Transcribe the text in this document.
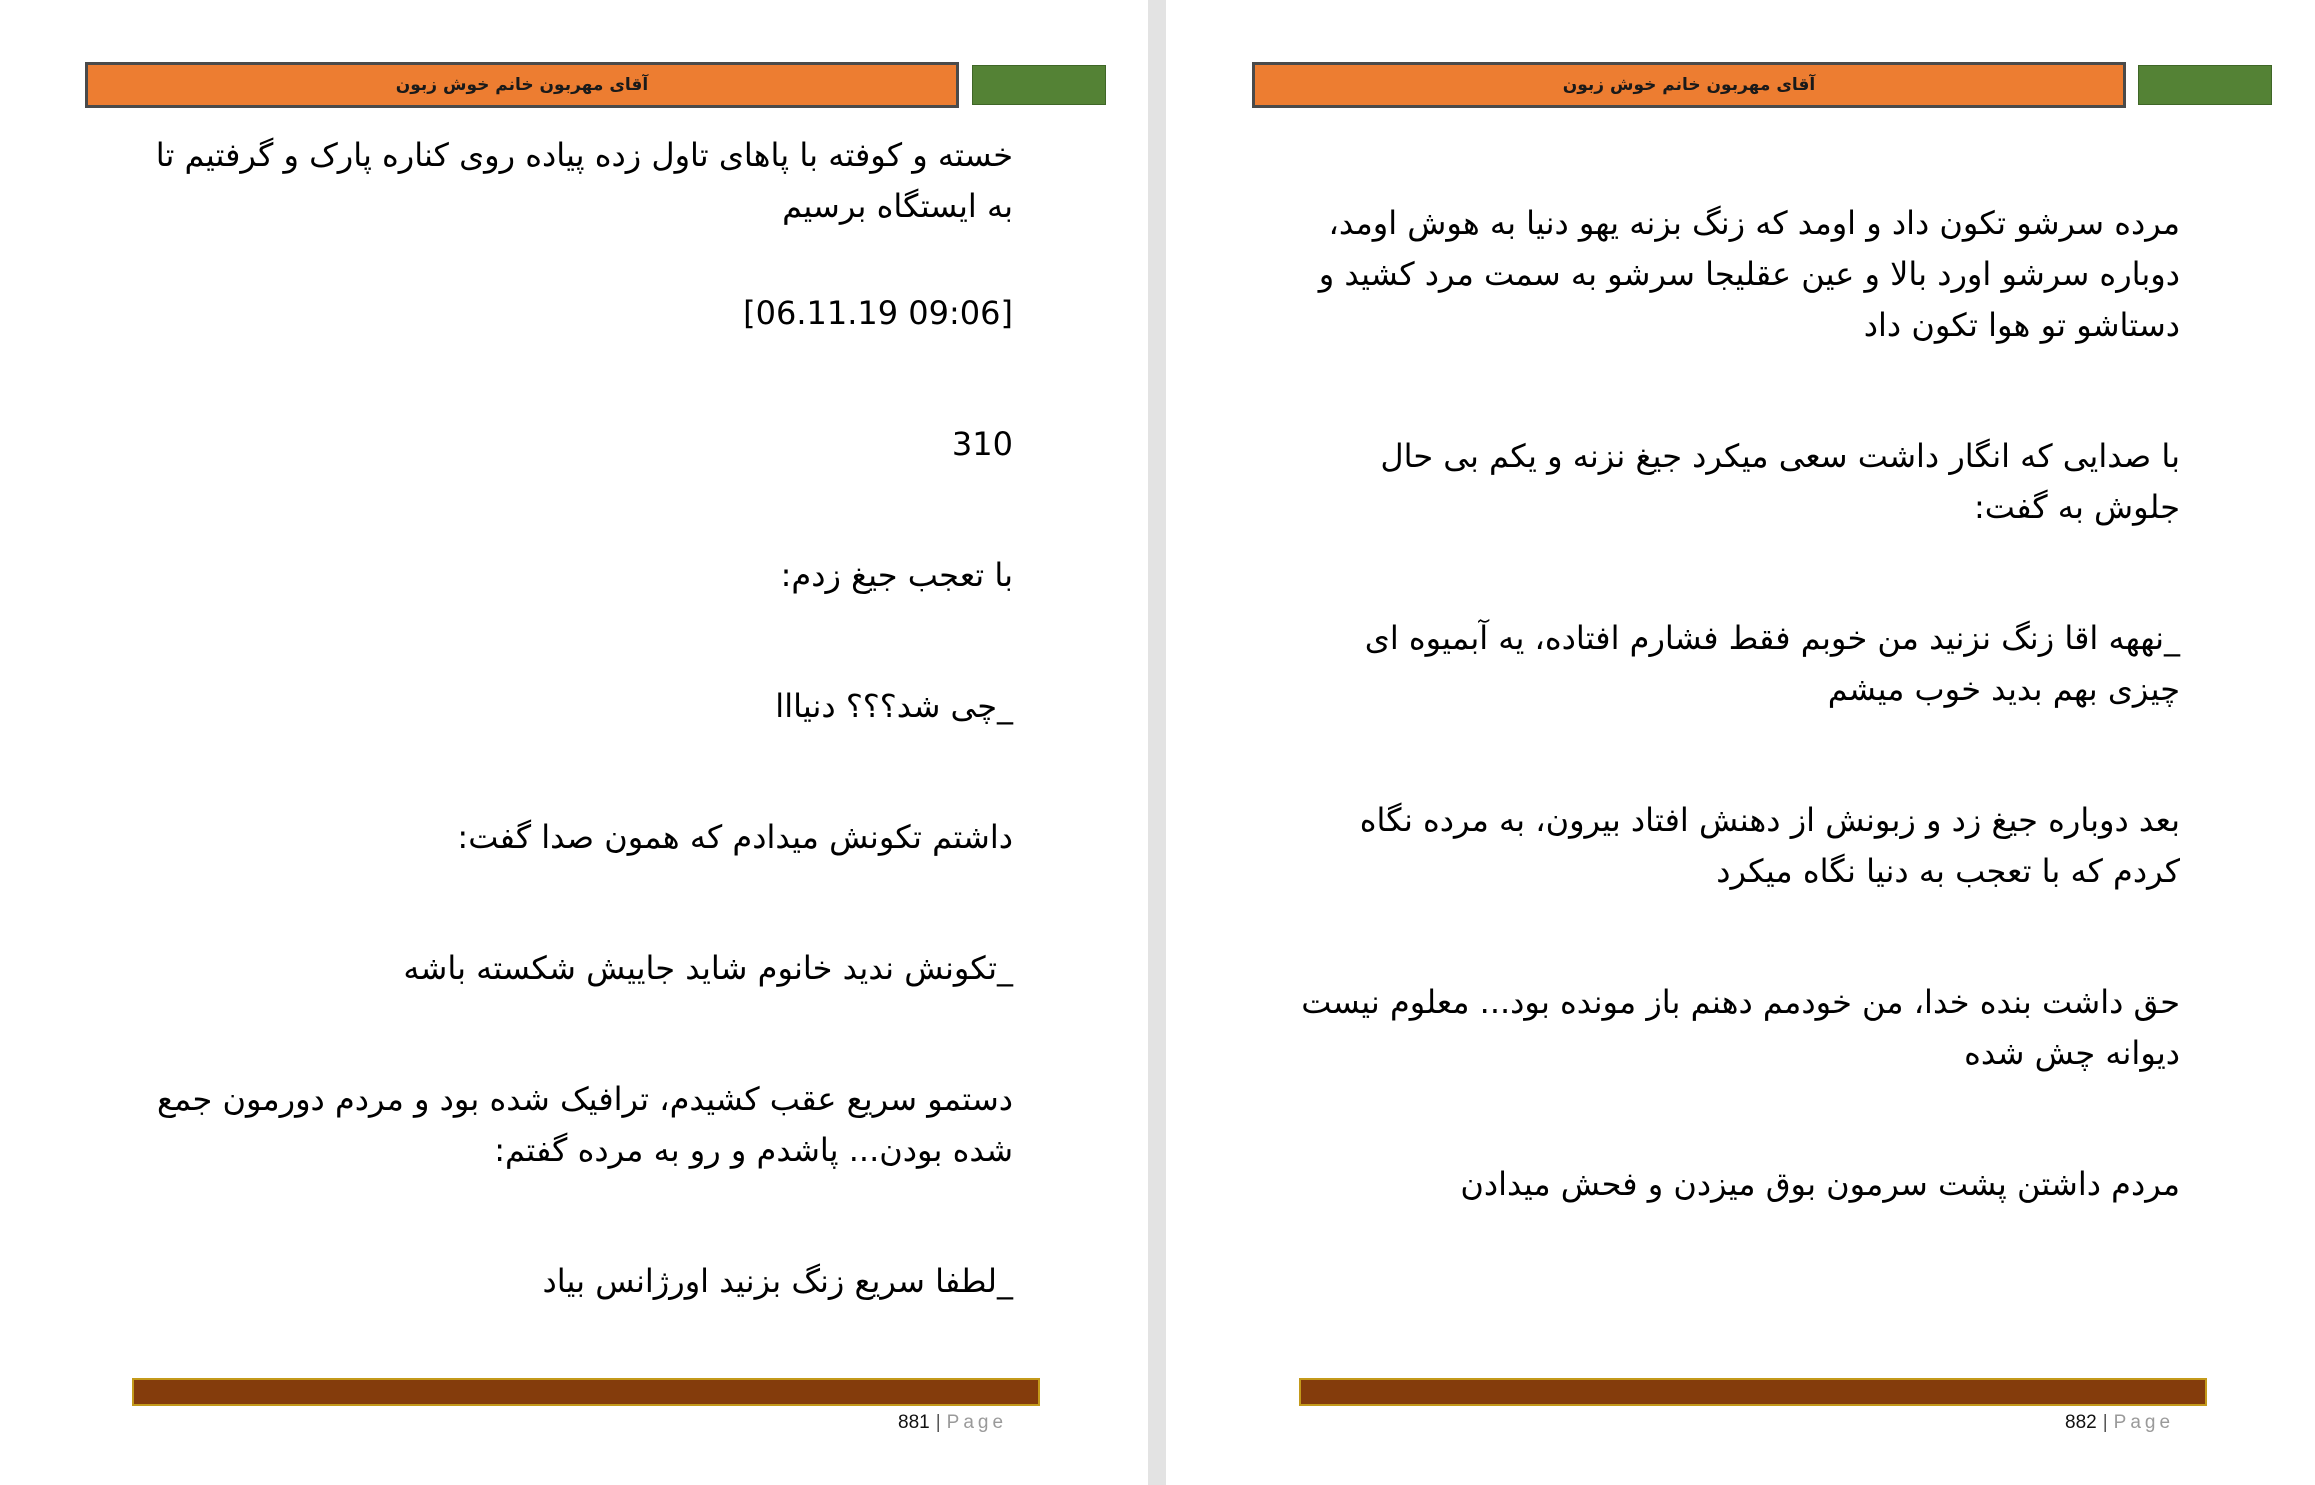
آقای مهربون خانم خوش زبون

خسته و کوفته با پاهای تاول زده پیاده روی کناره پارک و گرفتیم تا به ایستگاه برسیم

[06.11.19 09:06]

310

با تعجب جیغ زدم:

_چی شد؟؟؟ دنیااا

داشتم تکونش میدادم که همون صدا گفت:

_تکونش ندید خانوم شاید جاییش شکسته باشه

دستمو سریع عقب کشیدم، ترافیک شده بود و مردم دورمون جمع شده بودن... پاشدم و رو به مرده گفتم:

_لطفا سریع زنگ بزنید اورژانس بیاد

881 | Page
آقای مهربون خانم خوش زبون

مرده سرشو تکون داد و اومد که زنگ بزنه یهو دنیا به هوش اومد، دوباره سرشو اورد بالا و عین عقلیجا سرشو به سمت مرد کشید و دستاشو تو هوا تکون داد

با صدایی که انگار داشت سعی میکرد جیغ نزنه و یکم بی حال جلوش به گفت:

_نههه اقا زنگ نزنید من خوبم فقط فشارم افتاده، یه آبمیوه ای چیزی بهم بدید خوب میشم

بعد دوباره جیغ زد و زبونش از دهنش افتاد بیرون، به مرده نگاه کردم که با تعجب به دنیا نگاه میکرد

حق داشت بنده خدا، من خودمم دهنم باز مونده بود... معلوم نیست دیوانه چش شده

مردم داشتن پشت سرمون بوق میزدن و فحش میدادن

882 | Page
